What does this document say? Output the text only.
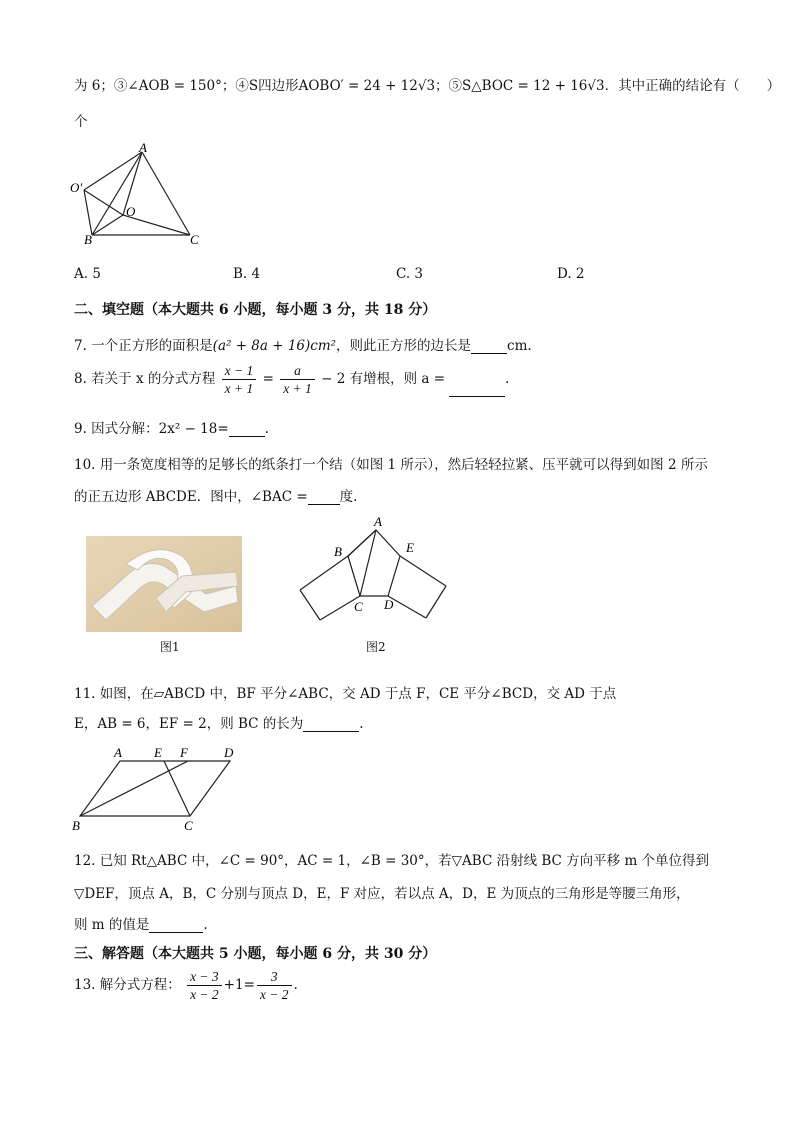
为 6；③∠AOB = 150°；④S四边形AOBO′ = 24 + 12√3；⑤S△BOC = 12 + 16√3．其中正确的结论有（　　）
个
A
O′
O
B	C
A. 5	B. 4	C. 3	D. 2
二、填空题（本大题共 6 小题，每小题 3 分，共 18 分）
7. 一个正方形的面积是(a² + 8a + 16)cm²，则此正方形的边长是	cm.
8. 若关于 x 的分式方程 $\frac{x - 1}{x + 1} = \frac{a}{x + 1} - 2$ 有增根，则 a =	.
9. 因式分解：2x² − 18=	.
10. 用一条宽度相等的足够长的纸条打一个结（如图 1 所示），然后轻轻拉紧、压平就可以得到如图 2 所示
的正五边形 ABCDE．图中，∠BAC = 度.
图1
A
B
C D
E
图2
11. 如图，在▱ABCD 中，BF 平分∠ABC，交 AD 于点 F，CE 平分∠BCD，交 AD 于点
E，AB = 6，EF = 2，则 BC 的长为	.
A E F	D
B	C
12. 已知 Rt△ABC 中，∠C = 90°，AC = 1，∠B = 30°，若▽ABC 沿射线 BC 方向平移 m 个单位得到
▽DEF，顶点 A，B，C 分别与顶点 D，E，F 对应，若以点 A，D，E 为顶点的三角形是等腰三角形，
则 m 的值是	.
三、解答题（本大题共 5 小题，每小题 6 分，共 30 分）
13. 解分式方程： $\frac{x - 3}{x - 2} +1= \frac{3}{x - 2}$ .
